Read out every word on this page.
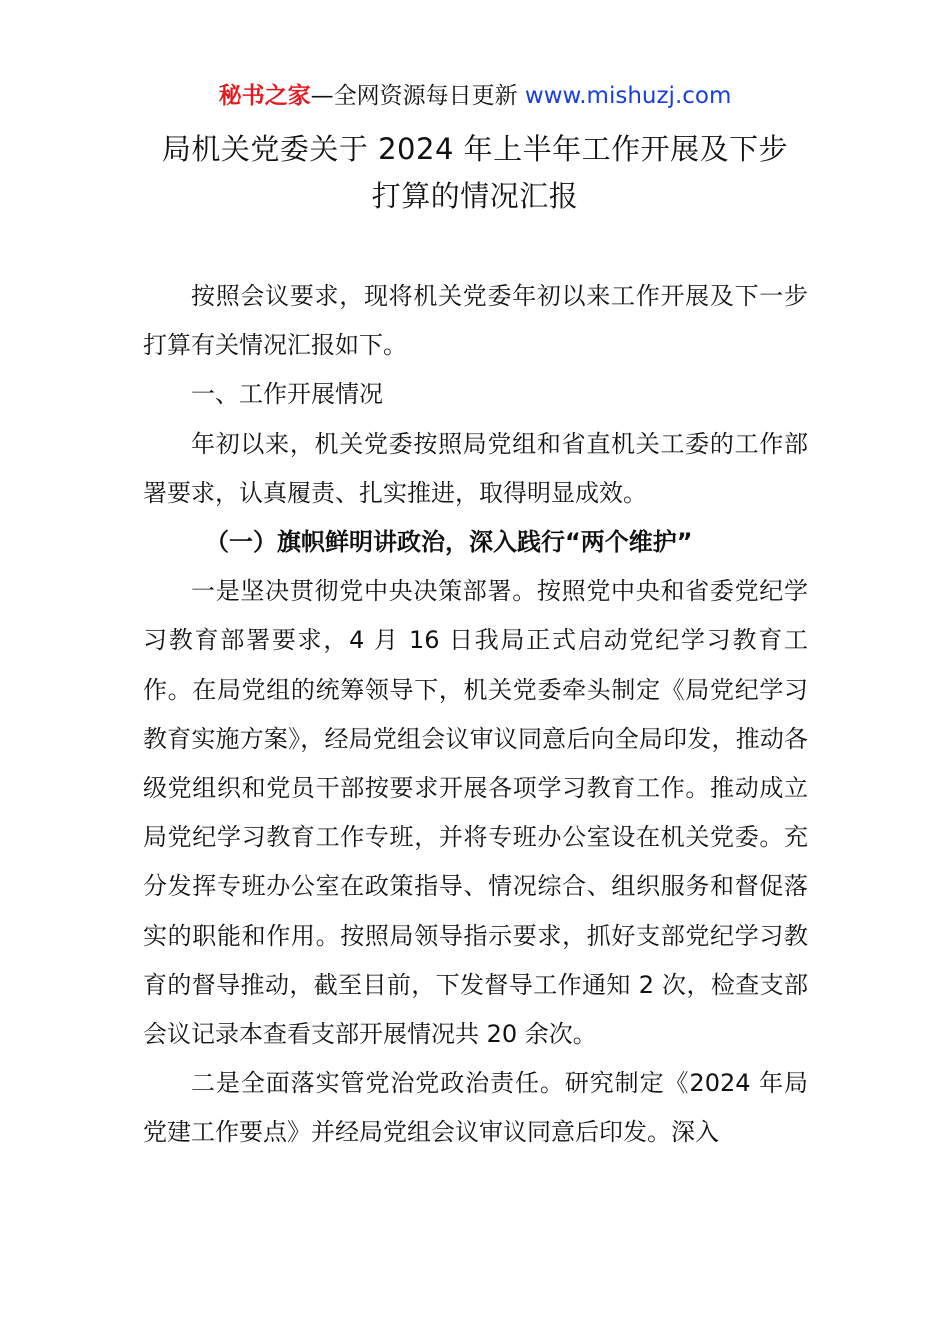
秘书之家—全网资源每日更新 www.mishuzj.com
局机关党委关于 2024 年上半年工作开展及下步
打算的情况汇报

按照会议要求，现将机关党委年初以来工作开展及下一步打算有关情况汇报如下。

一、工作开展情况

年初以来，机关党委按照局党组和省直机关工委的工作部署要求，认真履责、扎实推进，取得明显成效。

（一）旗帜鲜明讲政治，深入践行“两个维护”

一是坚决贯彻党中央决策部署。按照党中央和省委党纪学习教育部署要求，4 月 16 日我局正式启动党纪学习教育工作。在局党组的统筹领导下，机关党委牵头制定《局党纪学习教育实施方案》，经局党组会议审议同意后向全局印发，推动各级党组织和党员干部按要求开展各项学习教育工作。推动成立局党纪学习教育工作专班，并将专班办公室设在机关党委。充分发挥专班办公室在政策指导、情况综合、组织服务和督促落实的职能和作用。按照局领导指示要求，抓好支部党纪学习教育的督导推动，截至目前，下发督导工作通知 2 次，检查支部会议记录本查看支部开展情况共 20 余次。

二是全面落实管党治党政治责任。研究制定《2024 年局党建工作要点》并经局党组会议审议同意后印发。深入
